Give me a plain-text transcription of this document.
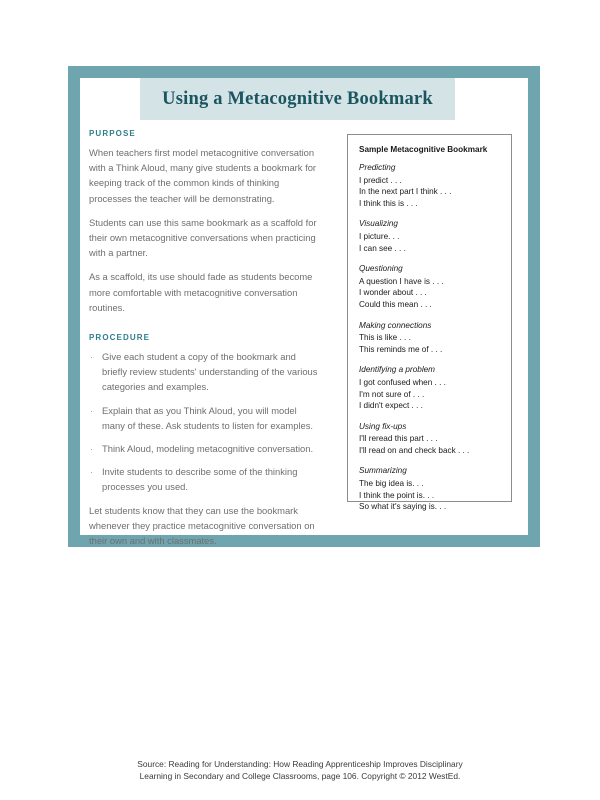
Using a Metacognitive Bookmark

PURPOSE

When teachers first model metacognitive conversation with a Think Aloud, many give students a bookmark for keeping track of the common kinds of thinking processes the teacher will be demonstrating.

Students can use this same bookmark as a scaffold for their own metacognitive conversations when practicing with a partner.

As a scaffold, its use should fade as students become more comfortable with metacognitive conversation routines.

PROCEDURE

· Give each student a copy of the bookmark and briefly review students' understanding of the various categories and examples.
· Explain that as you Think Aloud, you will model many of these. Ask students to listen for examples.
· Think Aloud, modeling metacognitive conversation.
· Invite students to describe some of the thinking processes you used.

Let students know that they can use the bookmark whenever they practice metacognitive conversation on their own and with classmates.

Sample Metacognitive Bookmark

Predicting

I predict . . .

In the next part I think . . .

I think this is . . .

Visualizing

I picture. . .

I can see . . .

Questioning

A question I have is . . .

I wonder about . . .

Could this mean . . .

Making connections

This is like . . .

This reminds me of . . .

Identifying a problem

I got confused when . . .

I'm not sure of . . .

I didn't expect . . .

Using fix-ups

I'll reread this part . . .

I'll read on and check back . . .

Summarizing

The big idea is. . .

I think the point is. . .

So what it's saying is. . .

Source: Reading for Understanding: How Reading Apprenticeship Improves Disciplinary

Learning in Secondary and College Classrooms, page 106. Copyright © 2012 WestEd.
